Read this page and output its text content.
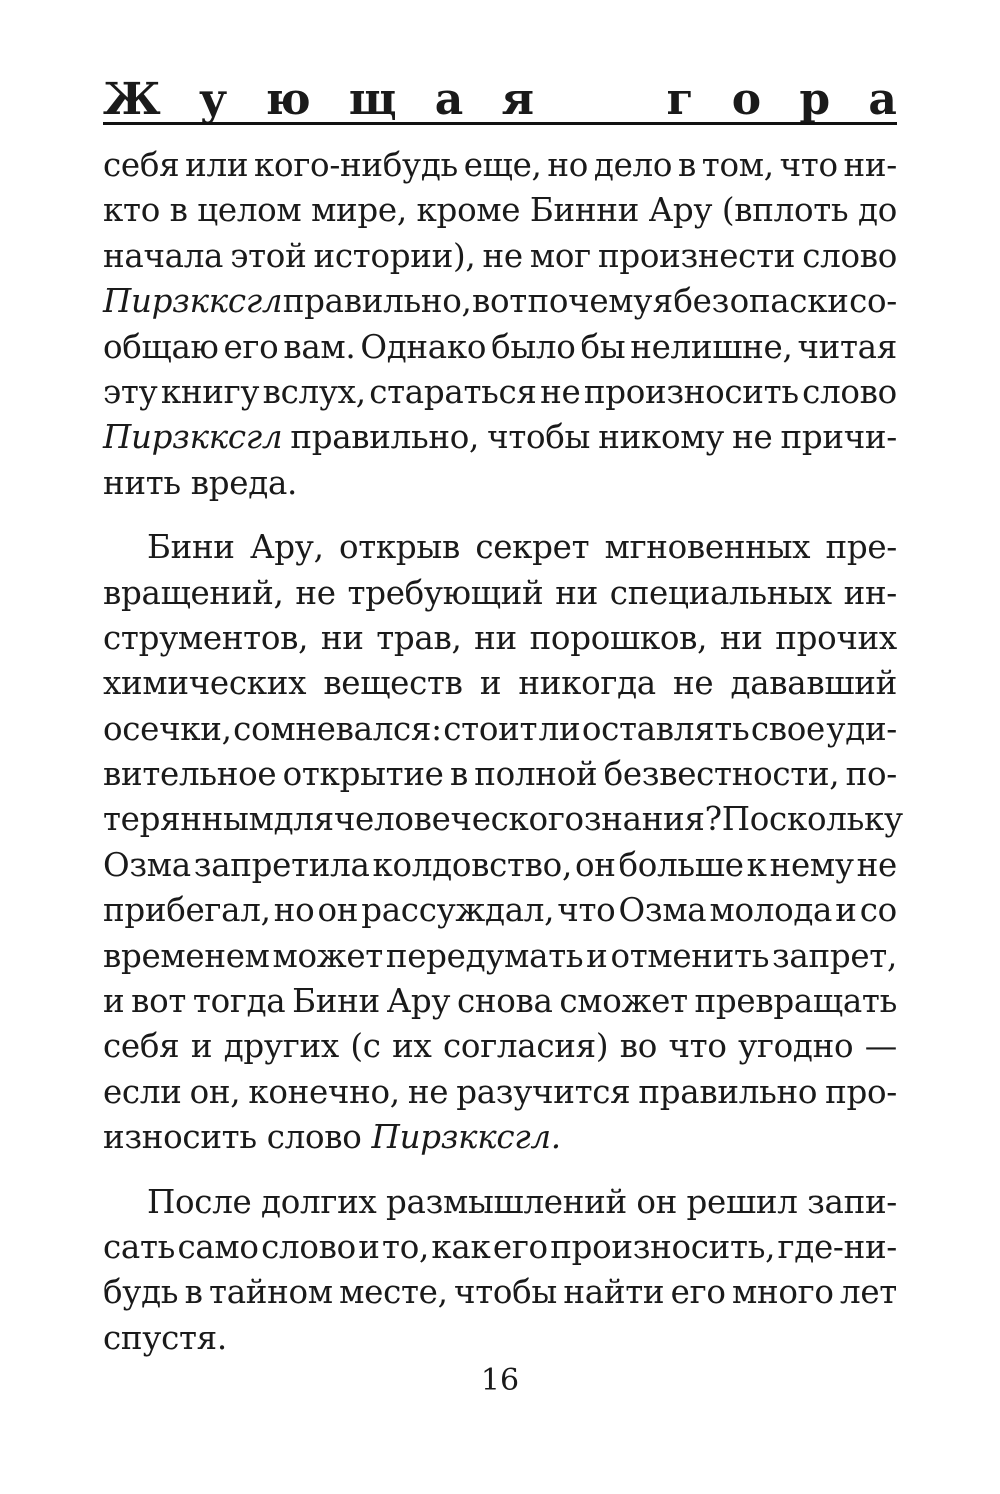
Ж у ю щ а я	г о р а
себя или кого-нибудь еще, но дело в том, что ни-
кто в целом мире, кроме Бинни Ару (вплоть до
начала этой истории), не мог произнести слово
Пирзкксгл правильно, вот почему я без опаски со-
общаю его вам. Однако было бы нелишне, читая
эту книгу вслух, стараться не произносить слово
Пирзкксгл правильно, чтобы никому не причи-
нить вреда.
Бини Ару, открыв секрет мгновенных пре-
вращений, не требующий ни специальных ин-
струментов, ни трав, ни порошков, ни прочих
химических веществ и никогда не дававший
осечки, сомневался: стоит ли оставлять свое уди-
вительное открытие в полной безвестности, по-
терянным для человеческого знания? Поскольку
Озма запретила колдовство, он больше к нему не
прибегал, но он рассуждал, что Озма молода и со
временем может передумать и отменить запрет,
и вот тогда Бини Ару снова сможет превращать
себя и других (с их согласия) во что угодно —
если он, конечно, не разучится правильно про-
износить слово Пирзкксгл.
После долгих размышлений он решил запи-
сать само слово и то, как его произносить, где-ни-
будь в тайном месте, чтобы найти его много лет
спустя.
16
